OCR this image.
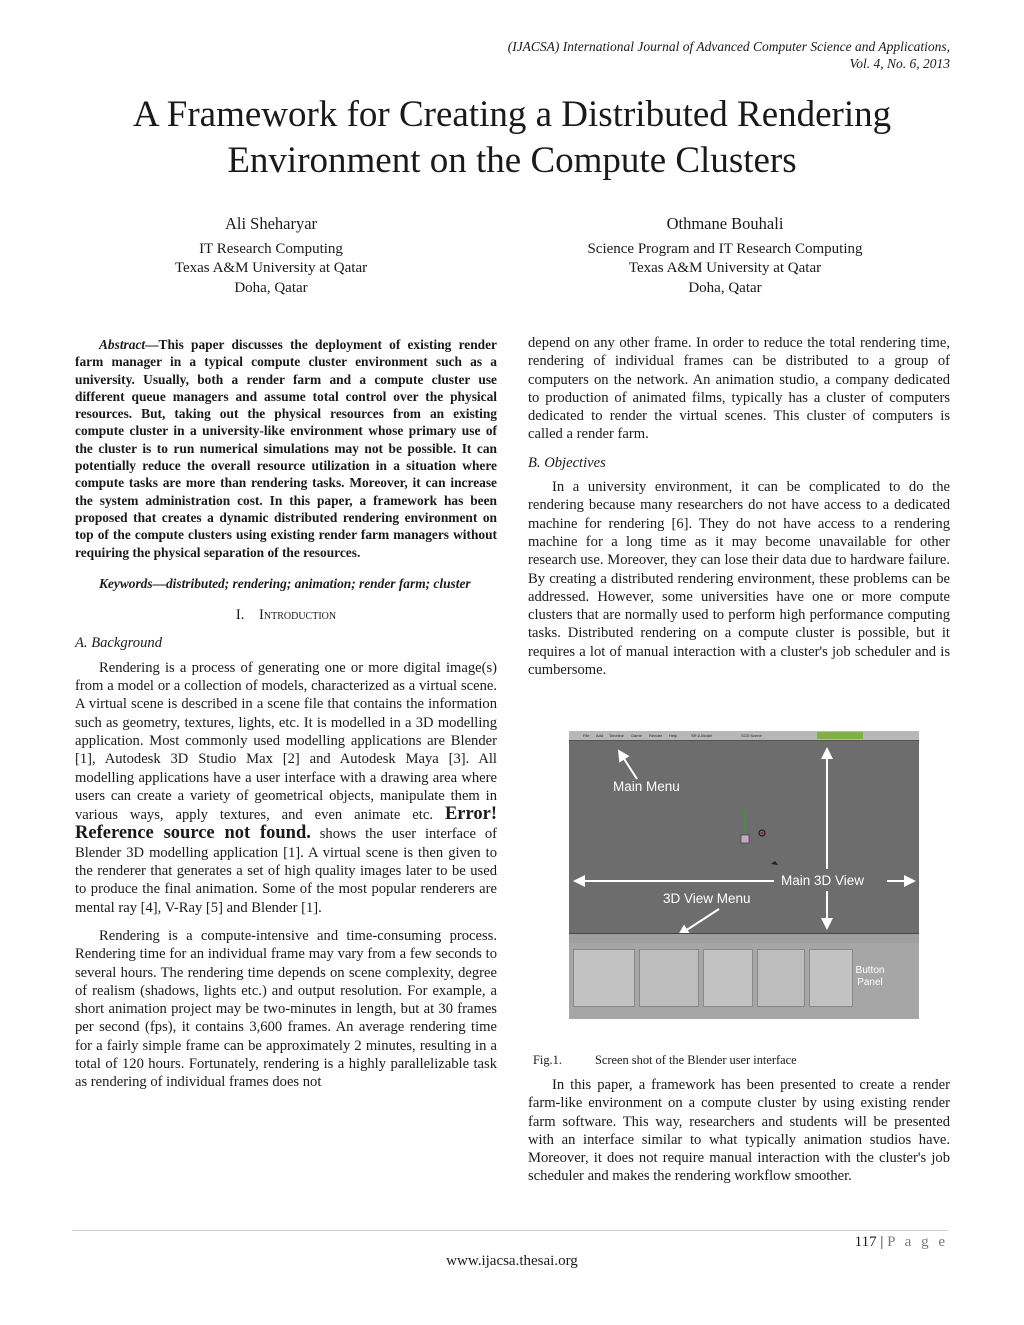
(IJACSA) International Journal of Advanced Computer Science and Applications,
Vol. 4, No. 6, 2013
A Framework for Creating a Distributed Rendering Environment on the Compute Clusters
Ali Sheharyar
IT Research Computing
Texas A&M University at Qatar
Doha, Qatar
Othmane Bouhali
Science Program and IT Research Computing
Texas A&M University at Qatar
Doha, Qatar

Abstract—This paper discusses the deployment of existing render farm manager in a typical compute cluster environment such as a university. Usually, both a render farm and a compute cluster use different queue managers and assume total control over the physical resources. But, taking out the physical resources from an existing compute cluster in a university-like environment whose primary use of the cluster is to run numerical simulations may not be possible. It can potentially reduce the overall resource utilization in a situation where compute tasks are more than rendering tasks. Moreover, it can increase the system administration cost. In this paper, a framework has been proposed that creates a dynamic distributed rendering environment on top of the compute clusters using existing render farm managers without requiring the physical separation of the resources.

Keywords—distributed; rendering; animation; render farm; cluster

I. Introduction

A. Background

Rendering is a process of generating one or more digital image(s) from a model or a collection of models, characterized as a virtual scene. A virtual scene is described in a scene file that contains the information such as geometry, textures, lights, etc. It is modelled in a 3D modelling application. Most commonly used modelling applications are Blender [1], Autodesk 3D Studio Max [2] and Autodesk Maya [3]. All modelling applications have a user interface with a drawing area where users can create a variety of geometrical objects, manipulate them in various ways, apply textures, and even animate etc. Error! Reference source not found. shows the user interface of Blender 3D modelling application [1]. A virtual scene is then given to the renderer that generates a set of high quality images later to be used to produce the final animation. Some of the most popular renderers are mental ray [4], V-Ray [5] and Blender [1].

Rendering is a compute-intensive and time-consuming process. Rendering time for an individual frame may vary from a few seconds to several hours. The rendering time depends on scene complexity, degree of realism (shadows, lights etc.) and output resolution. For example, a short animation project may be two-minutes in length, but at 30 frames per second (fps), it contains 3,600 frames. An average rendering time for a fairly simple frame can be approximately 2 minutes, resulting in a total of 120 hours. Fortunately, rendering is a highly parallelizable task as rendering of individual frames does not

depend on any other frame. In order to reduce the total rendering time, rendering of individual frames can be distributed to a group of computers on the network. An animation studio, a company dedicated to production of animated films, typically has a cluster of computers dedicated to render the virtual scenes. This cluster of computers is called a render farm.

B. Objectives

In a university environment, it can be complicated to do the rendering because many researchers do not have access to a dedicated machine for rendering [6]. They do not have access to a rendering machine for a long time as it may become unavailable for other research use. Moreover, they can lose their data due to hardware failure. By creating a distributed rendering environment, these problems can be addressed. However, some universities have one or more compute clusters that are normally used to perform high performance computing tasks. Distributed rendering on a compute cluster is possible, but it requires a lot of manual interaction with a cluster's job scheduler and is cumbersome.

File Add Timeline Game Render Help	SR:2-Model	SCE:Scene
Main Menu
Main 3D View
3D View Menu
Button
Panel
Fig.1.	Screen shot of the Blender user interface

In this paper, a framework has been presented to create a render farm-like environment on a compute cluster by using existing render farm software. This way, researchers and students will be presented with an interface similar to what typically animation studios have. Moreover, it does not require manual interaction with the cluster's job scheduler and makes the rendering workflow smoother.

117 | P a g e
www.ijacsa.thesai.org
